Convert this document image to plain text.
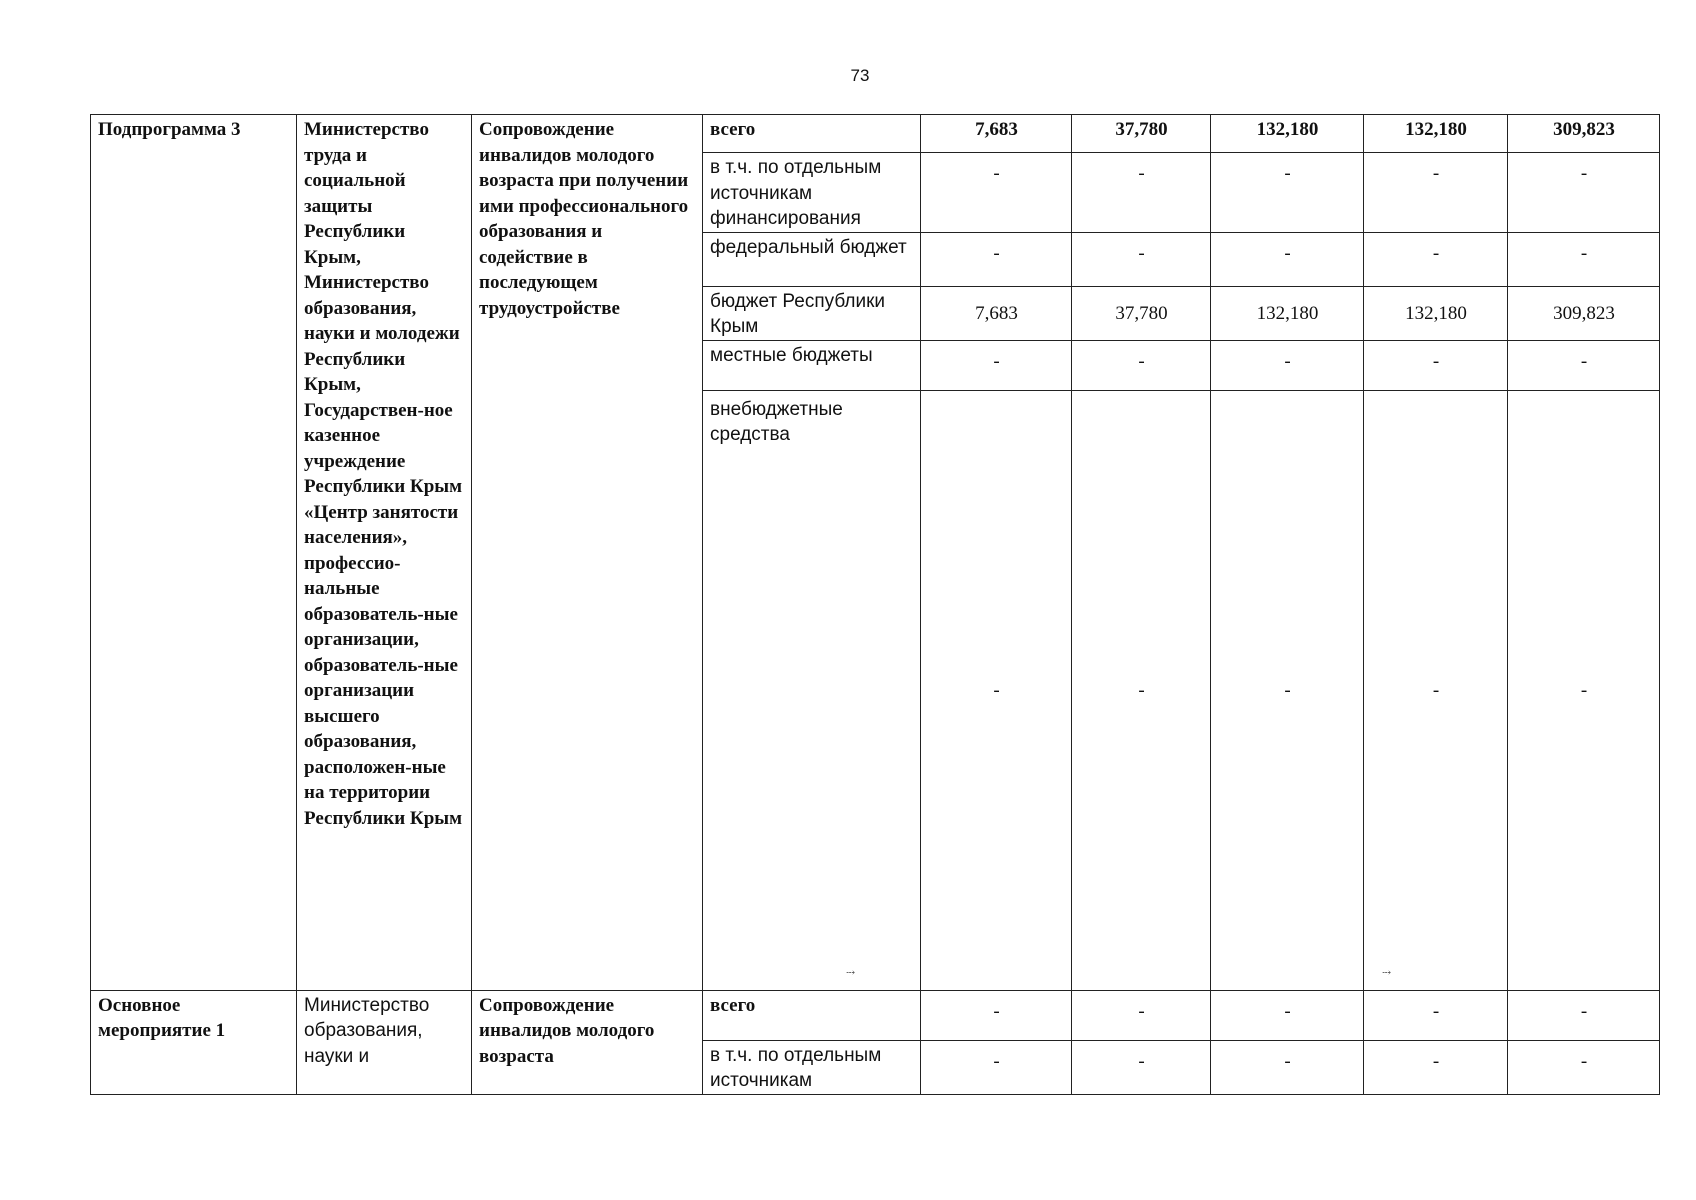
73
Подпрограмма 3	Министерство труда и социальной защиты Республики Крым, Министерство образования, науки и молодежи Республики Крым, Государствен-ное казенное учреждение Республики Крым «Центр занятости населения», профессио-нальные образователь-ные организации, образователь-ные организации высшего образования, расположен-ные на территории Республики Крым	Сопровождение инвалидов молодого возраста при получении ими профессионального образования и содействие в последующем трудоустройстве	всего	7,683	37,780	132,180	132,180	309,823
			в т.ч. по отдельным источникам финансирования	-	-	-	-	-
			федеральный бюджет	-	-	-	-	-
			бюджет Республики Крым	7,683	37,780	132,180	132,180	309,823
			местные бюджеты	-	-	-	-	-
			внебюджетные средства	-	-	-	-	-
Основное мероприятие 1	Министерство образования, науки и	Сопровождение инвалидов молодого возраста	всего	-	-	-	-	-
			в т.ч. по отдельным источникам	-	-	-	-	-
⤏	⤏
